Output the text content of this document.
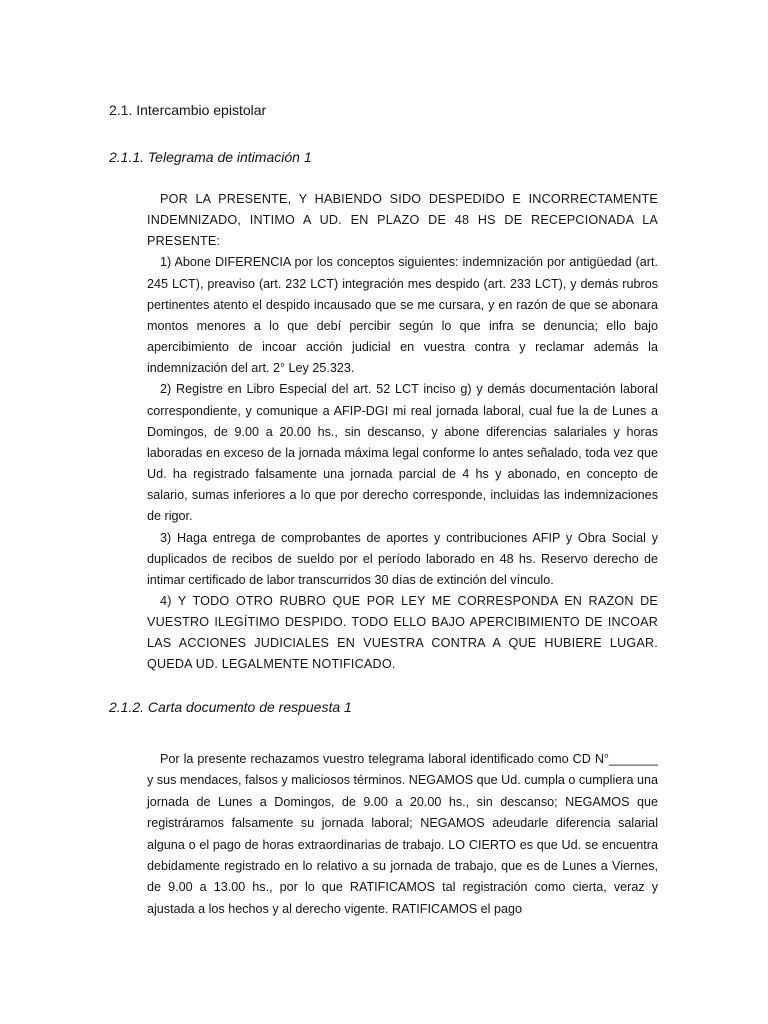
2.1. Intercambio epistolar
2.1.1. Telegrama de intimación 1

POR LA PRESENTE, Y HABIENDO SIDO DESPEDIDO E INCORRECTAMENTE INDEMNIZADO, INTIMO A UD. EN PLAZO DE 48 HS DE RECEPCIONADA LA PRESENTE:

1) Abone DIFERENCIA por los conceptos siguientes: indemnización por antigüedad (art. 245 LCT), preaviso (art. 232 LCT) integración mes despido (art. 233 LCT), y demás rubros pertinentes atento el despido incausado que se me cursara, y en razón de que se abonara montos menores a lo que debí percibir según lo que infra se denuncia; ello bajo apercibimiento de incoar acción judicial en vuestra contra y reclamar además la indemnización del art. 2° Ley 25.323.

2) Registre en Libro Especial del art. 52 LCT inciso g) y demás documentación laboral correspondiente, y comunique a AFIP-DGI mi real jornada laboral, cual fue la de Lunes a Domingos, de 9.00 a 20.00 hs., sin descanso, y abone diferencias salariales y horas laboradas en exceso de la jornada máxima legal conforme lo antes señalado, toda vez que Ud. ha registrado falsamente una jornada parcial de 4 hs y abonado, en concepto de salario, sumas inferiores a lo que por derecho corresponde, incluidas las indemnizaciones de rigor.

3) Haga entrega de comprobantes de aportes y contribuciones AFIP y Obra Social y duplicados de recibos de sueldo por el período laborado en 48 hs. Reservo derecho de intimar certificado de labor transcurridos 30 días de extinción del vínculo.

4) Y TODO OTRO RUBRO QUE POR LEY ME CORRESPONDA EN RAZON DE VUESTRO ILEGÍTIMO DESPIDO. TODO ELLO BAJO APERCIBIMIENTO DE INCOAR LAS ACCIONES JUDICIALES EN VUESTRA CONTRA A QUE HUBIERE LUGAR. QUEDA UD. LEGALMENTE NOTIFICADO.

2.1.2. Carta documento de respuesta 1

Por la presente rechazamos vuestro telegrama laboral identificado como CD N°_______ y sus mendaces, falsos y maliciosos términos. NEGAMOS que Ud. cumpla o cumpliera una jornada de Lunes a Domingos, de 9.00 a 20.00 hs., sin descanso; NEGAMOS que registráramos falsamente su jornada laboral; NEGAMOS adeudarle diferencia salarial alguna o el pago de horas extraordinarias de trabajo. LO CIERTO es que Ud. se encuentra debidamente registrado en lo relativo a su jornada de trabajo, que es de Lunes a Viernes, de 9.00 a 13.00 hs., por lo que RATIFICAMOS tal registración como cierta, veraz y ajustada a los hechos y al derecho vigente. RATIFICAMOS el pago
